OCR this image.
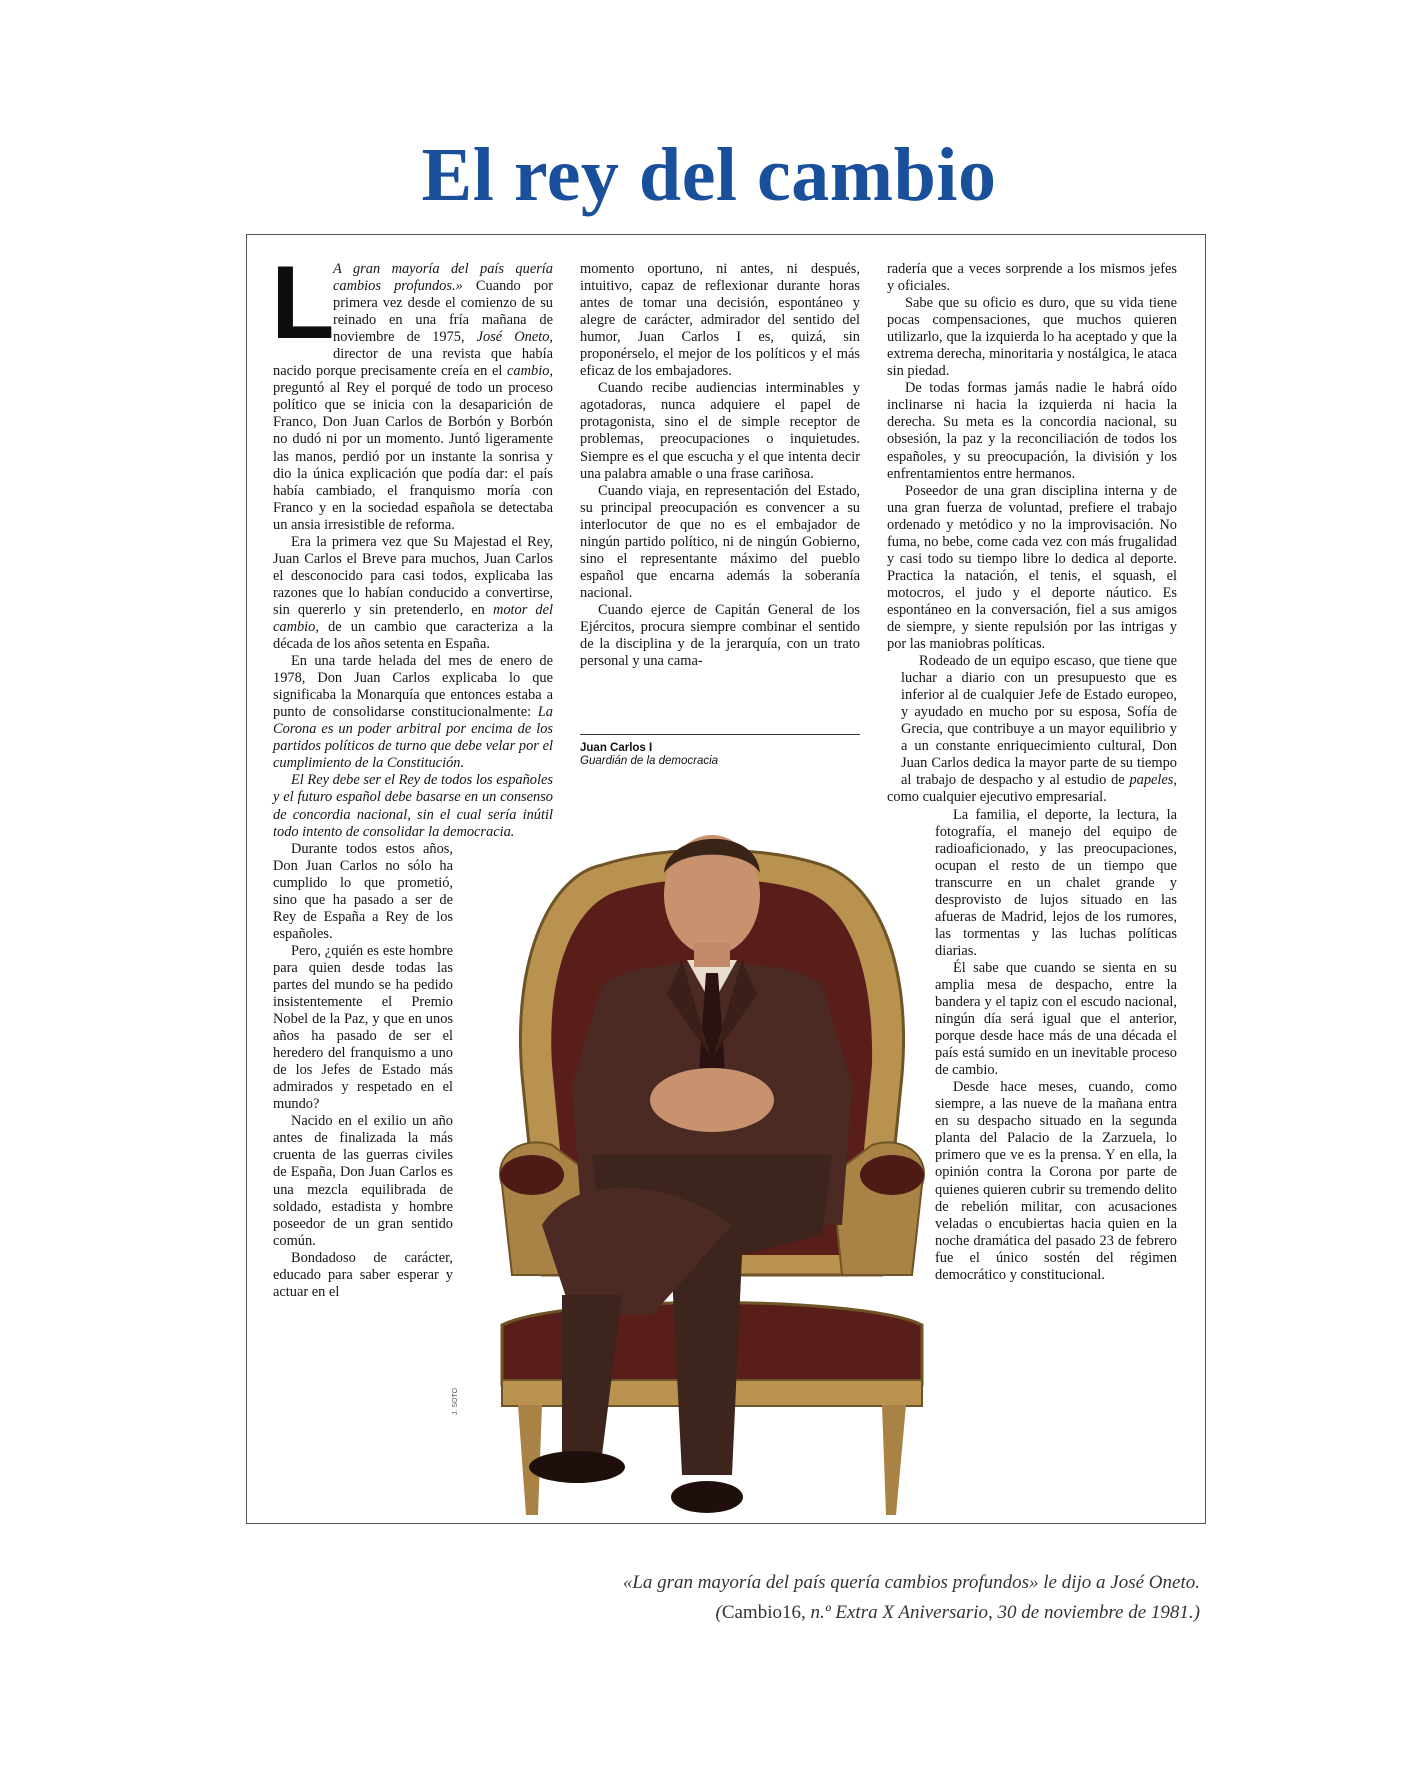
El rey del cambio
L

A gran mayoría del país quería cambios profundos.» Cuando por primera vez desde el comienzo de su reinado en una fría mañana de noviembre de 1975, José Oneto, director de una revista que había nacido porque precisamente creía en el cambio, preguntó al Rey el porqué de todo un proceso político que se inicia con la desaparición de Franco, Don Juan Carlos de Borbón y Borbón no dudó ni por un momento. Juntó ligeramente las manos, perdió por un instante la sonrisa y dio la única explicación que podía dar: el país había cambiado, el franquismo moría con Franco y en la sociedad española se detectaba un ansia irresistible de reforma.

Era la primera vez que Su Majestad el Rey, Juan Carlos el Breve para muchos, Juan Carlos el desconocido para casi todos, explicaba las razones que lo habían conducido a convertirse, sin quererlo y sin pretenderlo, en motor del cambio, de un cambio que caracteriza a la década de los años setenta en España.

En una tarde helada del mes de enero de 1978, Don Juan Carlos explicaba lo que significaba la Monarquía que entonces estaba a punto de consolidarse constitucionalmente: La Corona es un poder arbitral por encima de los partidos políticos de turno que debe velar por el cumplimiento de la Constitución.

El Rey debe ser el Rey de todos los españoles y el futuro español debe basarse en un consenso de concordia nacional, sin el cual sería inútil todo intento de consolidar la democracia.

Durante todos estos años, Don Juan Carlos no sólo ha cumplido lo que prometió, sino que ha pasado a ser de Rey de España a Rey de los españoles.

Pero, ¿quién es este hombre para quien desde todas las partes del mundo se ha pedido insistentemente el Premio Nobel de la Paz, y que en unos años ha pasado de ser el heredero del franquismo a uno de los Jefes de Estado más admirados y respetado en el mundo?

Nacido en el exilio un año antes de finalizada la más cruenta de las guerras civiles de España, Don Juan Carlos es una mezcla equilibrada de soldado, estadista y hombre poseedor de un gran sentido común.

Bondadoso de carácter, educado para saber esperar y actuar en el

momento oportuno, ni antes, ni después, intuitivo, capaz de reflexionar durante horas antes de tomar una decisión, espontáneo y alegre de carácter, admirador del sentido del humor, Juan Carlos I es, quizá, sin proponérselo, el mejor de los políticos y el más eficaz de los embajadores.

Cuando recibe audiencias interminables y agotadoras, nunca adquiere el papel de protagonista, sino el de simple receptor de problemas, preocupaciones o inquietudes. Siempre es el que escucha y el que intenta decir una palabra amable o una frase cariñosa.

Cuando viaja, en representación del Estado, su principal preocupación es convencer a su interlocutor de que no es el embajador de ningún partido político, ni de ningún Gobierno, sino el representante máximo del pueblo español que encarna además la soberanía nacional.

Cuando ejerce de Capitán General de los Ejércitos, procura siempre combinar el sentido de la disciplina y de la jerarquía, con un trato personal y una cama-

Juan Carlos I
Guardián de la democracia

radería que a veces sorprende a los mismos jefes y oficiales.

Sabe que su oficio es duro, que su vida tiene pocas compensaciones, que muchos quieren utilizarlo, que la izquierda lo ha aceptado y que la extrema derecha, minoritaria y nostálgica, le ataca sin piedad.

De todas formas jamás nadie le habrá oído inclinarse ni hacia la izquierda ni hacia la derecha. Su meta es la concordia nacional, su obsesión, la paz y la reconciliación de todos los españoles, y su preocupación, la división y los enfrentamientos entre hermanos.

Poseedor de una gran disciplina interna y de una gran fuerza de voluntad, prefiere el trabajo ordenado y metódico y no la improvisación. No fuma, no bebe, come cada vez con más frugalidad y casi todo su tiempo libre lo dedica al deporte. Practica la natación, el tenis, el squash, el motocros, el judo y el deporte náutico. Es espontáneo en la conversación, fiel a sus amigos de siempre, y siente repulsión por las intrigas y por las maniobras políticas.

Rodeado de un equipo escaso, que tiene que luchar a diario con un presupuesto que es inferior al de cualquier Jefe de Estado europeo, y ayudado en mucho por su esposa, Sofía de Grecia, que contribuye a un mayor equilibrio y a un constante enriquecimiento cultural, Don Juan Carlos dedica la mayor parte de su tiempo al trabajo de despacho y al estudio de papeles, como cualquier ejecutivo empresarial.

La familia, el deporte, la lectura, la fotografía, el manejo del equipo de radioaficionado, y las preocupaciones, ocupan el resto de un tiempo que transcurre en un chalet grande y desprovisto de lujos situado en las afueras de Madrid, lejos de los rumores, las tormentas y las luchas políticas diarias.

Él sabe que cuando se sienta en su amplia mesa de despacho, entre la bandera y el tapiz con el escudo nacional, ningún día será igual que el anterior, porque desde hace más de una década el país está sumido en un inevitable proceso de cambio.

Desde hace meses, cuando, como siempre, a las nueve de la mañana entra en su despacho situado en la segunda planta del Palacio de la Zarzuela, lo primero que ve es la prensa. Y en ella, la opinión contra la Corona por parte de quienes quieren cubrir su tremendo delito de rebelión militar, con acusaciones veladas o encubiertas hacia quien en la noche dramática del pasado 23 de febrero fue el único sostén del régimen democrático y constitucional.

J. SOTO
«La gran mayoría del país quería cambios profundos» le dijo a José Oneto.
(Cambio16, n.º Extra X Aniversario, 30 de noviembre de 1981.)
